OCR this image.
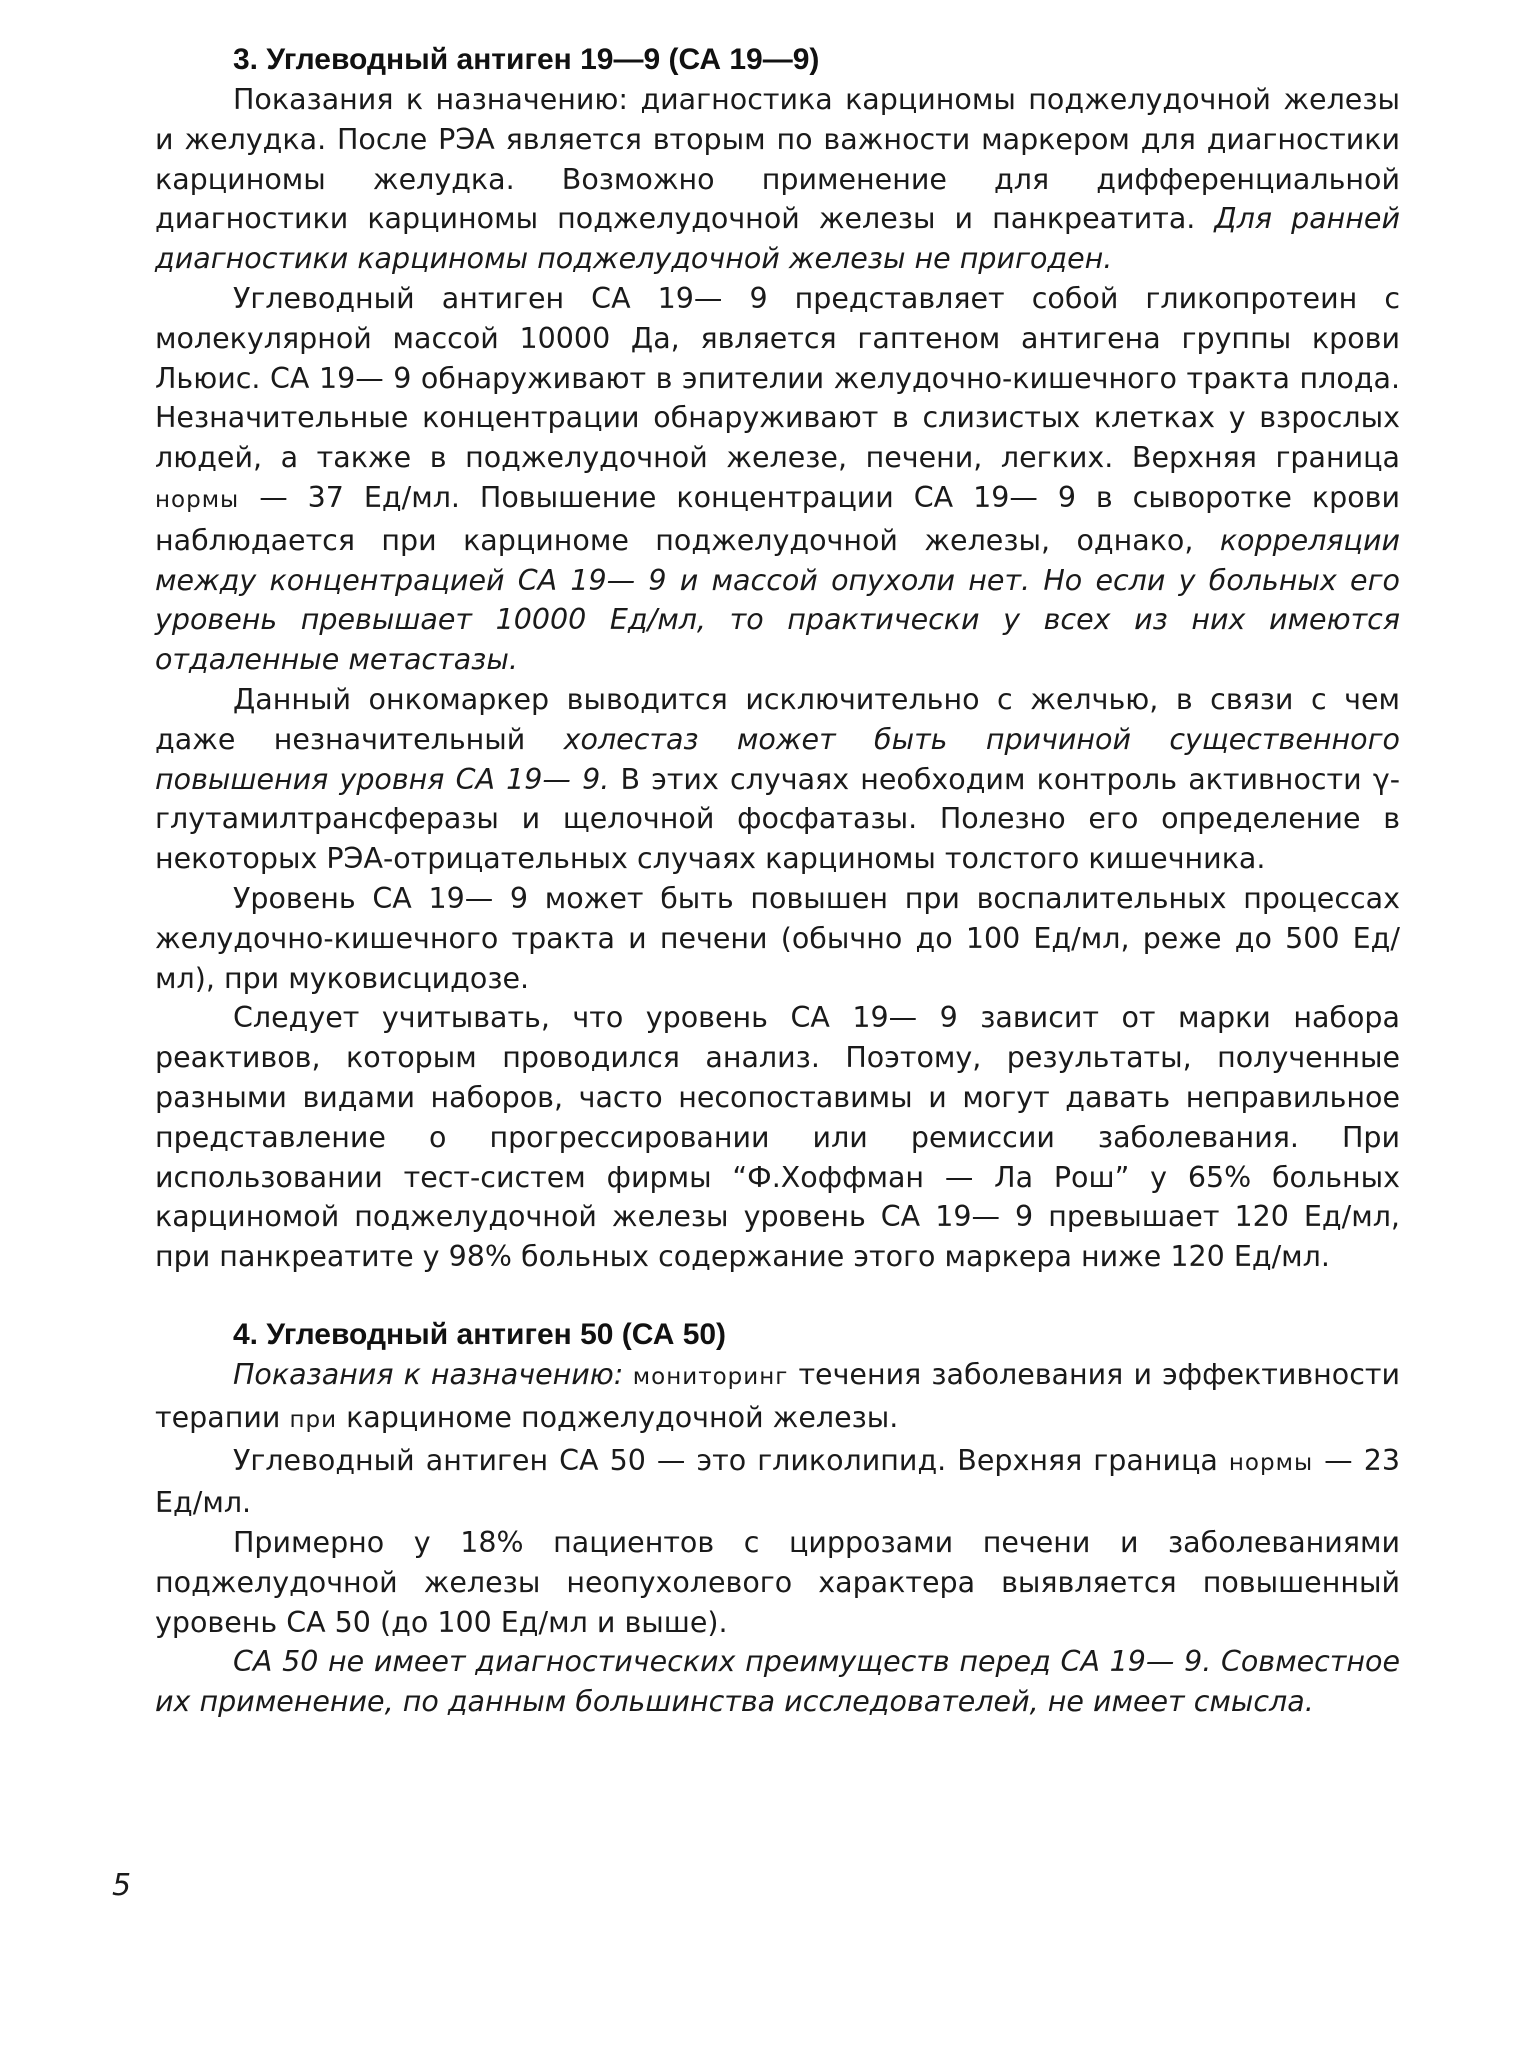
3. Углеводный антиген 19—9 (СА 19—9)

Показания к назначению: диагностика карциномы поджелудочной железы и желудка. После РЭА является вторым по важности маркером для диагностики карциномы желудка. Возможно применение для дифференциальной диагностики карциномы поджелудочной железы и панкреатита. Для ранней диагностики карциномы поджелудочной железы не пригоден.

Углеводный антиген СА 19— 9 представляет собой гликопротеин с молекулярной массой 10000 Да, является гаптеном антигена группы крови Льюис. СА 19— 9 обнаруживают в эпителии желудочно-кишечного тракта плода. Незначительные концентрации обнаруживают в слизистых клетках у взрослых людей, а также в поджелудочной железе, печени, легких. Верхняя граница нормы — 37 Ед/мл. Повышение концентрации СА 19— 9 в сыворотке крови наблюдается при карциноме поджелудочной железы, однако, корреляции между концентрацией СА 19— 9 и массой опухоли нет. Но если у больных его уровень превышает 10000 Ед/мл, то практически у всех из них имеются отдаленные метастазы.

Данный онкомаркер выводится исключительно с желчью, в связи с чем даже незначительный холестаз может быть причиной существенного повышения уровня СА 19— 9. В этих случаях необходим контроль активности γ-глутамилтрансферазы и щелочной фосфатазы. Полезно его определение в некоторых РЭА-отрицательных случаях карциномы толстого кишечника.

Уровень СА 19— 9 может быть повышен при воспалительных процессах желудочно-кишечного тракта и печени (обычно до 100 Ед/мл, реже до 500 Ед/мл), при муковисцидозе.

Следует учитывать, что уровень СА 19— 9 зависит от марки набора реактивов, которым проводился анализ. Поэтому, результаты, полученные разными видами наборов, часто несопоставимы и могут давать неправильное представление о прогрессировании или ремиссии заболевания. При использовании тест-систем фирмы “Ф.Хоффман — Ла Рош” у 65% больных карциномой поджелудочной железы уровень СА 19— 9 превышает 120 Ед/мл, при панкреатите у 98% больных содержание этого маркера ниже 120 Ед/мл.

4. Углеводный антиген 50 (СА 50)

Показания к назначению: мониторинг течения заболевания и эффективности терапии при карциноме поджелудочной железы.

Углеводный антиген СА 50 — это гликолипид. Верхняя граница нормы — 23 Ед/мл.

Примерно у 18% пациентов с циррозами печени и заболеваниями поджелудочной железы неопухолевого характера выявляется повышенный уровень СА 50 (до 100 Ед/мл и выше).

СА 50 не имеет диагностических преимуществ перед СА 19— 9. Совместное их применение, по данным большинства исследователей, не имеет смысла.

5
